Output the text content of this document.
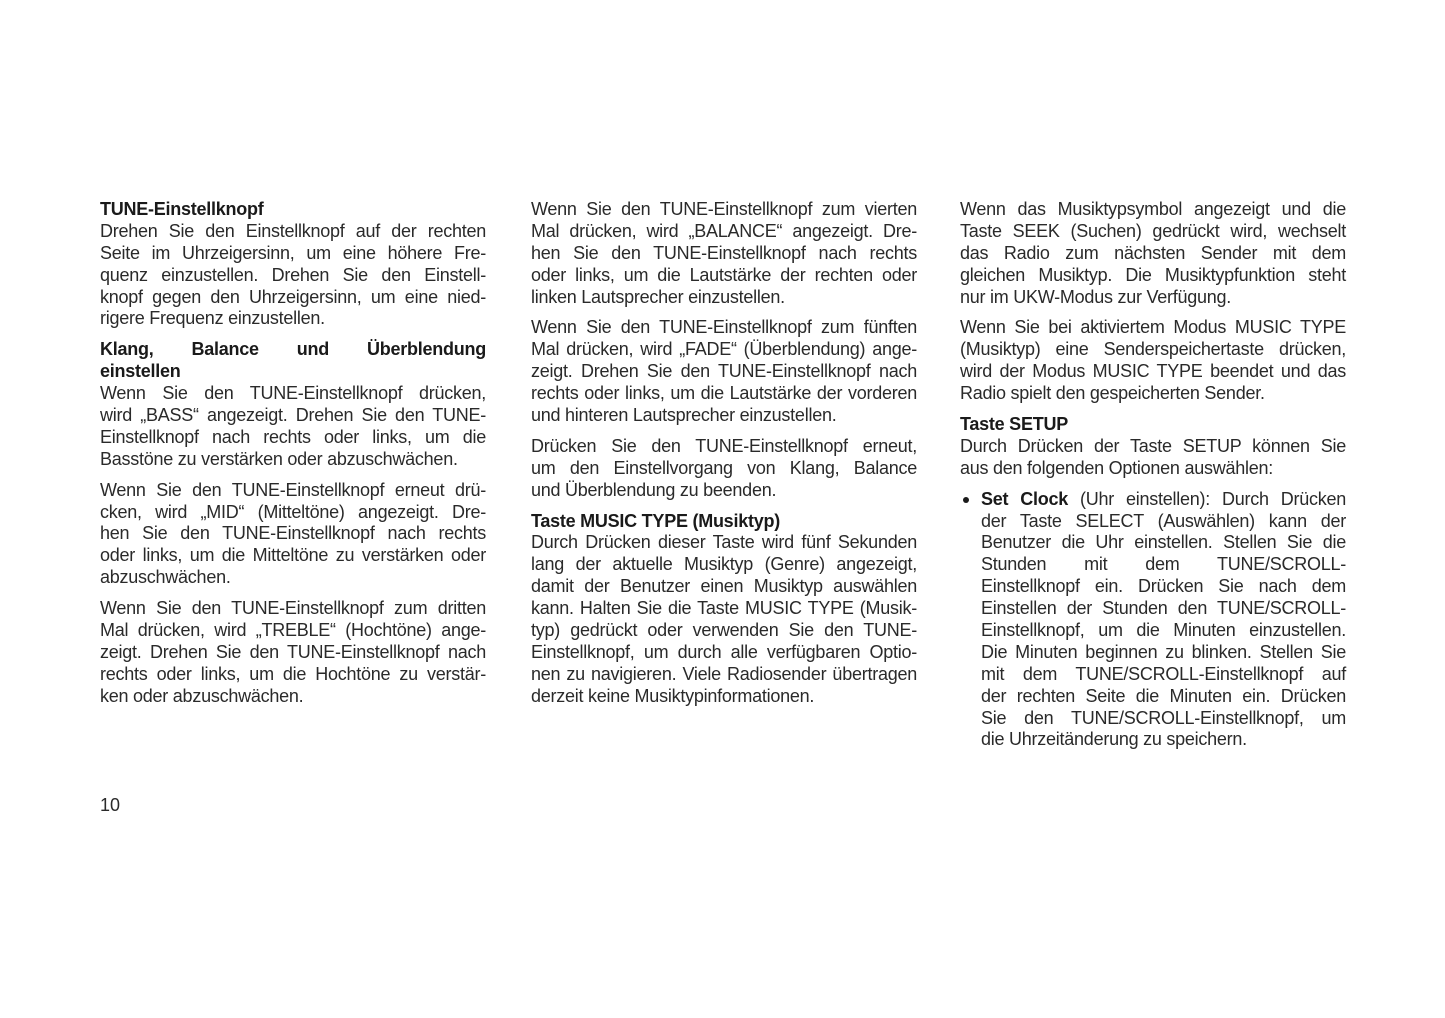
TUNE-Einstellknopf
Drehen Sie den Einstellknopf auf der rechten
Seite im Uhrzeigersinn, um eine höhere Fre-
quenz einzustellen. Drehen Sie den Einstell-
knopf gegen den Uhrzeigersinn, um eine nied-
rigere Frequenz einzustellen.
Klang, Balance und Überblendung
einstellen
Wenn Sie den TUNE-Einstellknopf drücken,
wird „BASS“ angezeigt. Drehen Sie den TUNE-
Einstellknopf nach rechts oder links, um die
Basstöne zu verstärken oder abzuschwächen.
Wenn Sie den TUNE-Einstellknopf erneut drü-
cken, wird „MID“ (Mitteltöne) angezeigt. Dre-
hen Sie den TUNE-Einstellknopf nach rechts
oder links, um die Mitteltöne zu verstärken oder
abzuschwächen.
Wenn Sie den TUNE-Einstellknopf zum dritten
Mal drücken, wird „TREBLE“ (Hochtöne) ange-
zeigt. Drehen Sie den TUNE-Einstellknopf nach
rechts oder links, um die Hochtöne zu verstär-
ken oder abzuschwächen.
Wenn Sie den TUNE-Einstellknopf zum vierten
Mal drücken, wird „BALANCE“ angezeigt. Dre-
hen Sie den TUNE-Einstellknopf nach rechts
oder links, um die Lautstärke der rechten oder
linken Lautsprecher einzustellen.
Wenn Sie den TUNE-Einstellknopf zum fünften
Mal drücken, wird „FADE“ (Überblendung) ange-
zeigt. Drehen Sie den TUNE-Einstellknopf nach
rechts oder links, um die Lautstärke der vorderen
und hinteren Lautsprecher einzustellen.
Drücken Sie den TUNE-Einstellknopf erneut,
um den Einstellvorgang von Klang, Balance
und Überblendung zu beenden.
Taste MUSIC TYPE (Musiktyp)
Durch Drücken dieser Taste wird fünf Sekunden
lang der aktuelle Musiktyp (Genre) angezeigt,
damit der Benutzer einen Musiktyp auswählen
kann. Halten Sie die Taste MUSIC TYPE (Musik-
typ) gedrückt oder verwenden Sie den TUNE-
Einstellknopf, um durch alle verfügbaren Optio-
nen zu navigieren. Viele Radiosender übertragen
derzeit keine Musiktypinformationen.
Wenn das Musiktypsymbol angezeigt und die
Taste SEEK (Suchen) gedrückt wird, wechselt
das Radio zum nächsten Sender mit dem
gleichen Musiktyp. Die Musiktypfunktion steht
nur im UKW-Modus zur Verfügung.
Wenn Sie bei aktiviertem Modus MUSIC TYPE
(Musiktyp) eine Senderspeichertaste drücken,
wird der Modus MUSIC TYPE beendet und das
Radio spielt den gespeicherten Sender.
Taste SETUP
Durch Drücken der Taste SETUP können Sie
aus den folgenden Optionen auswählen:
Set Clock (Uhr einstellen): Durch Drücken
der Taste SELECT (Auswählen) kann der
Benutzer die Uhr einstellen. Stellen Sie die
Stunden mit dem TUNE/SCROLL-
Einstellknopf ein. Drücken Sie nach dem
Einstellen der Stunden den TUNE/SCROLL-
Einstellknopf, um die Minuten einzustellen.
Die Minuten beginnen zu blinken. Stellen Sie
mit dem TUNE/SCROLL-Einstellknopf auf
der rechten Seite die Minuten ein. Drücken
Sie den TUNE/SCROLL-Einstellknopf, um
die Uhrzeitänderung zu speichern.
10
